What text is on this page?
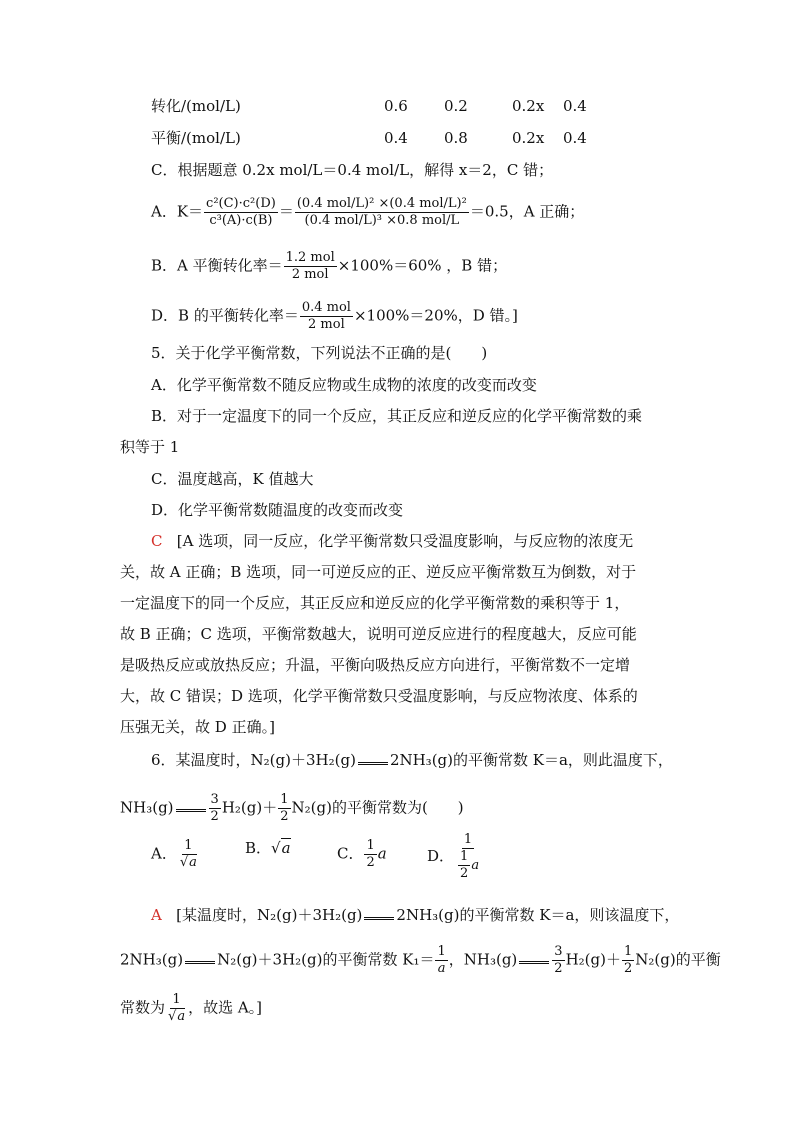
转化/(mol/L)	0.6 0.2	0.2x 0.4
平衡/(mol/L)	0.4 0.8	0.2x 0.4
C．根据题意 0.2x mol/L＝0.4 mol/L，解得 x＝2，C 错；
A．$K= \frac{\text{c²(C)·c²(D)}}{\text{c³(A)·c(B)}} = \frac{\text{(0.4 mol/L)² ×(0.4 mol/L)²}}{\text{(0.4 mol/L)³ ×0.8 mol/L}} =0.5$，A 正确；
B．A 平衡转化率＝ $\frac{\text{1.2 mol}}{\text{2 mol}} \times 100\%=60\%$ ，B 错；
D．B 的平衡转化率＝ $\frac{\text{0.4 mol}}{\text{2 mol}} \times 100\%=20\%$，D 错。]
5．关于化学平衡常数，下列说法不正确的是(　　)
A．化学平衡常数不随反应物或生成物的浓度的改变而改变
B．对于一定温度下的同一个反应，其正反应和逆反应的化学平衡常数的乘
积等于 1
C．温度越高，K 值越大
D．化学平衡常数随温度的改变而改变
C [A 选项，同一反应，化学平衡常数只受温度影响，与反应物的浓度无
关，故 A 正确；B 选项，同一可逆反应的正、逆反应平衡常数互为倒数，对于
一定温度下的同一个反应，其正反应和逆反应的化学平衡常数的乘积等于 1，
故 B 正确；C 选项，平衡常数越大，说明可逆反应进行的程度越大，反应可能
是吸热反应或放热反应；升温，平衡向吸热反应方向进行，平衡常数不一定增
大，故 C 错误；D 选项，化学平衡常数只受温度影响，与反应物浓度、体系的
压强无关，故 D 正确。]
6．某温度时，N₂(g)＋3H₂(g) 2NH₃(g)的平衡常数 K＝a，则此温度下，
NH₃(g)	$\frac{3}{2} H_2(g)+ \frac{1}{2} N_2(g)$的平衡常数为(　　)
A． $\frac{1}{√a}$	B．√a	C． $\frac{1}{2}$ a	D． $\frac{1}{\frac{1}{2} a}$
A [某温度时，N₂(g)＋3H₂(g) 2NH₃(g)的平衡常数 K＝a，则该温度下，
2NH₃(g) N₂(g)＋3H₂(g)的平衡常数 $K_1= \frac{1}{a}$ ，NH₃(g)	$\frac{3}{2} H_2(g)+ \frac{1}{2} N_2(g)$的平衡
常数为 $\frac{1}{√a}$ ，故选 A。]
